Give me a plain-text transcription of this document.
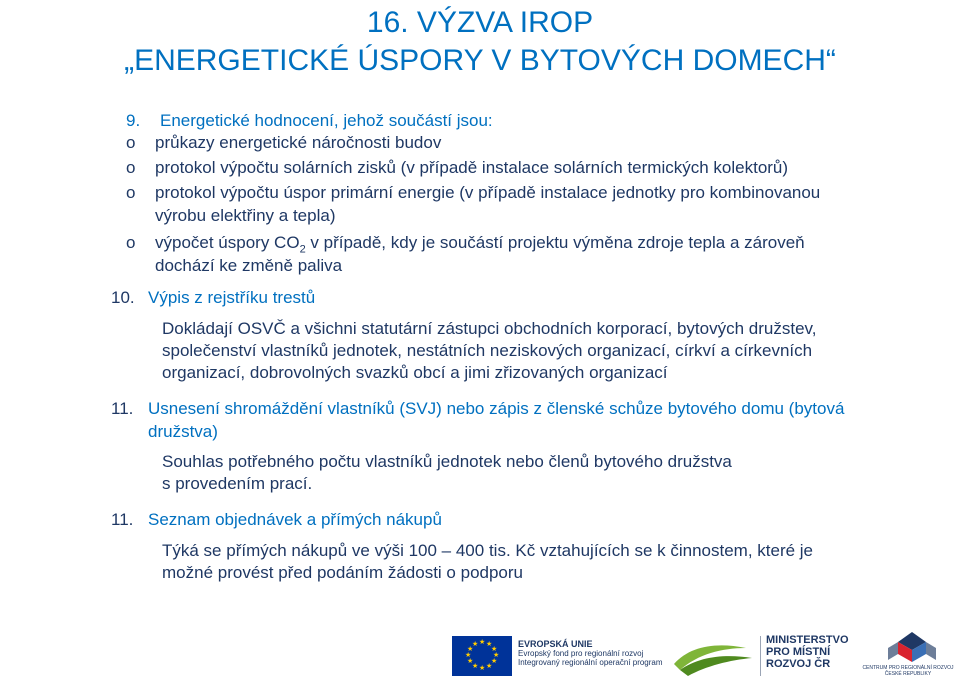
16. VÝZVA IROP
„ENERGETICKÉ ÚSPORY V BYTOVÝCH DOMECH“
9. Energetické hodnocení, jehož součástí jsou:
o průkazy energetické náročnosti budov
o protokol výpočtu solárních zisků (v případě instalace solárních termických kolektorů)
o protokol výpočtu úspor primární energie (v případě instalace jednotky pro kombinovanou
výrobu elektřiny a tepla)
o výpočet úspory $CO_2$ v případě, kdy je součástí projektu výměna zdroje tepla a zároveň
dochází ke změně paliva
10. Výpis z rejstříku trestů
Dokládají OSVČ a všichni statutární zástupci obchodních korporací, bytových družstev,
společenství vlastníků jednotek, nestátních neziskových organizací, církví a církevních
organizací, dobrovolných svazků obcí a jimi zřizovaných organizací
11. Usnesení shromáždění vlastníků (SVJ) nebo zápis z členské schůze bytového domu (bytová
družstva)
Souhlas potřebného počtu vlastníků jednotek nebo členů bytového družstva
s provedením prací.
11. Seznam objednávek a přímých nákupů
Týká se přímých nákupů ve výši 100 – 400 tis. Kč vztahujících se k činnostem, které je
možné provést před podáním žádosti o podporu
★ ★
★
★
★
★
★
★
★
★
★
★	EVROPSKÁ UNIE
Evropský fond pro regionální rozvoj
Integrovaný regionální operační program
MINISTERSTVO
PRO MÍSTNÍ
ROZVOJ ČR	CENTRUM PRO REGIONÁLNÍ ROZVOJ
ČESKÉ REPUBLIKY
